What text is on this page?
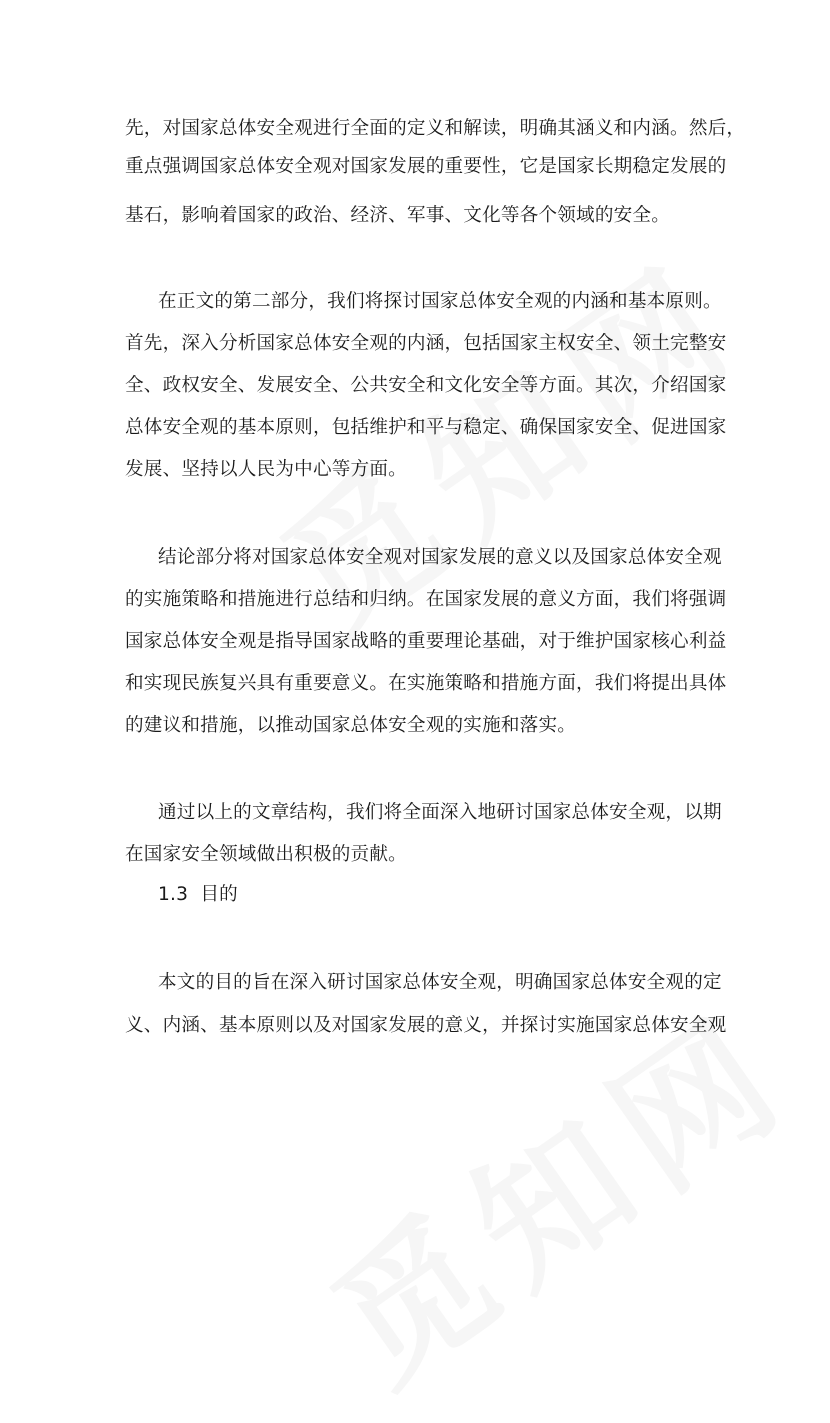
先，对国家总体安全观进行全面的定义和解读，明确其涵义和内涵。然后，
重点强调国家总体安全观对国家发展的重要性，它是国家长期稳定发展的
基石，影响着国家的政治、经济、军事、文化等各个领域的安全。
在正文的第二部分，我们将探讨国家总体安全观的内涵和基本原则。
首先，深入分析国家总体安全观的内涵，包括国家主权安全、领土完整安
全、政权安全、发展安全、公共安全和文化安全等方面。其次，介绍国家
总体安全观的基本原则，包括维护和平与稳定、确保国家安全、促进国家
发展、坚持以人民为中心等方面。
结论部分将对国家总体安全观对国家发展的意义以及国家总体安全观
的实施策略和措施进行总结和归纳。在国家发展的意义方面，我们将强调
国家总体安全观是指导国家战略的重要理论基础，对于维护国家核心利益
和实现民族复兴具有重要意义。在实施策略和措施方面，我们将提出具体
的建议和措施，以推动国家总体安全观的实施和落实。
通过以上的文章结构，我们将全面深入地研讨国家总体安全观，以期
在国家安全领域做出积极的贡献。
1.3  目的
本文的目的旨在深入研讨国家总体安全观，明确国家总体安全观的定
义、内涵、基本原则以及对国家发展的意义，并探讨实施国家总体安全观
